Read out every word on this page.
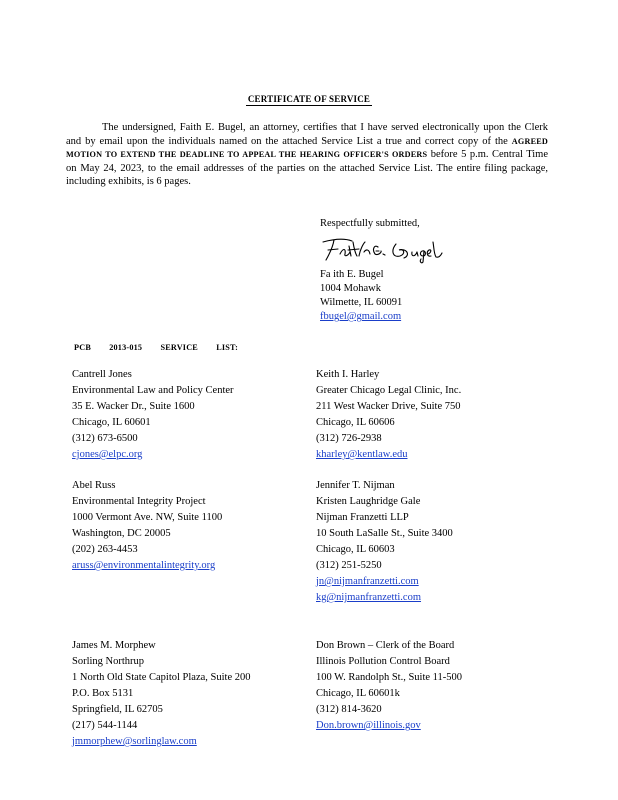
CERTIFICATE OF SERVICE
The undersigned, Faith E. Bugel, an attorney, certifies that I have served electronically upon the Clerk and by email upon the individuals named on the attached Service List a true and correct copy of the AGREED MOTION TO EXTEND THE DEADLINE TO APPEAL THE HEARING OFFICER'S ORDERS before 5 p.m. Central Time on May 24, 2023, to the email addresses of the parties on the attached Service List. The entire filing package, including exhibits, is 6 pages.
Respectfully submitted,
Fa ith E. Bugel
1004 Mohawk
Wilmette, IL 60091
fbugel@gmail.com
PCB 2013-015 SERVICE LIST:
Cantrell Jones
Environmental Law and Policy Center
35 E. Wacker Dr., Suite 1600
Chicago, IL 60601
(312) 673-6500
cjones@elpc.org
Keith I. Harley
Greater Chicago Legal Clinic, Inc.
211 West Wacker Drive, Suite 750
Chicago, IL 60606
(312) 726-2938
kharley@kentlaw.edu
Abel Russ
Environmental Integrity Project
1000 Vermont Ave. NW, Suite 1100
Washington, DC 20005
(202) 263-4453
aruss@environmentalintegrity.org
Jennifer T. Nijman
Kristen Laughridge Gale
Nijman Franzetti LLP
10 South LaSalle St., Suite 3400
Chicago, IL 60603
(312) 251-5250
jn@nijmanfranzetti.com
kg@nijmanfranzetti.com
James M. Morphew
Sorling Northrup
1 North Old State Capitol Plaza, Suite 200
P.O. Box 5131
Springfield, IL 62705
(217) 544-1144
jmmorphew@sorlinglaw.com
Don Brown – Clerk of the Board
Illinois Pollution Control Board
100 W. Randolph St., Suite 11-500
Chicago, IL 60601k
(312) 814-3620
Don.brown@illinois.gov
